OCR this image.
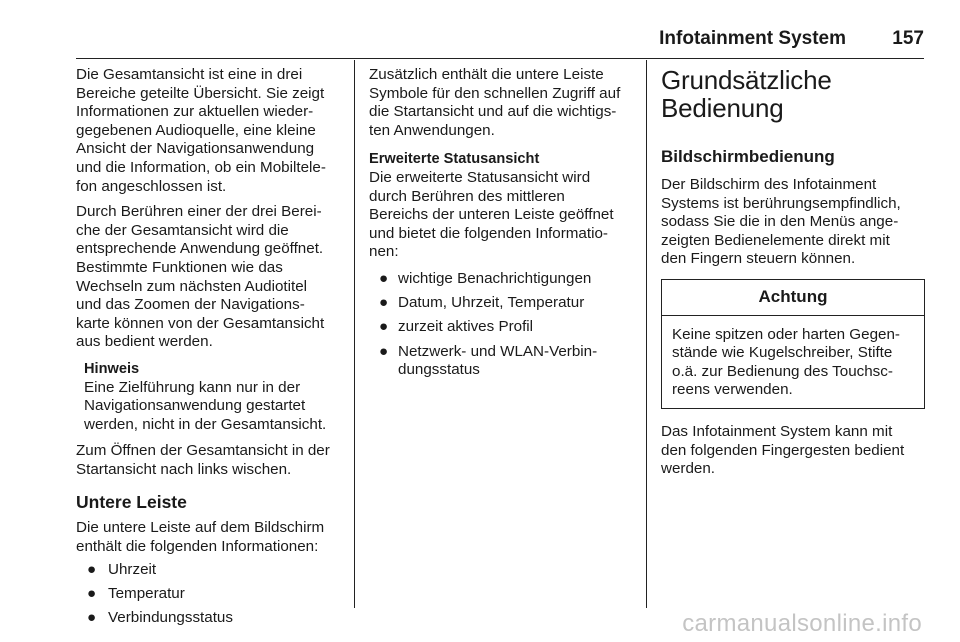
Infotainment System 157

Die Gesamtansicht ist eine in drei
Bereiche geteilte Übersicht. Sie zeigt
Informationen zur aktuellen wieder-
gegebenen Audioquelle, eine kleine
Ansicht der Navigationsanwendung
und die Information, ob ein Mobiltele-
fon angeschlossen ist.

Durch Berühren einer der drei Berei-
che der Gesamtansicht wird die
entsprechende Anwendung geöffnet.
Bestimmte Funktionen wie das
Wechseln zum nächsten Audiotitel
und das Zoomen der Navigations-
karte können von der Gesamtansicht
aus bedient werden.

Hinweis
Eine Zielführung kann nur in der
Navigationsanwendung gestartet
werden, nicht in der Gesamtansicht.

Zum Öffnen der Gesamtansicht in der
Startansicht nach links wischen.

Untere Leiste

Die untere Leiste auf dem Bildschirm
enthält die folgenden Informationen:

● Uhrzeit
● Temperatur
● Verbindungsstatus

Zusätzlich enthält die untere Leiste
Symbole für den schnellen Zugriff auf
die Startansicht und auf die wichtigs-
ten Anwendungen.

Erweiterte Statusansicht

Die erweiterte Statusansicht wird
durch Berühren des mittleren
Bereichs der unteren Leiste geöffnet
und bietet die folgenden Informatio-
nen:

● wichtige Benachrichtigungen
● Datum, Uhrzeit, Temperatur
● zurzeit aktives Profil
● Netzwerk- und WLAN-Verbin-
dungsstatus
Grundsätzliche
Bedienung
Bildschirmbedienung

Der Bildschirm des Infotainment
Systems ist berührungsempfindlich,
sodass Sie die in den Menüs ange-
zeigten Bedienelemente direkt mit
den Fingern steuern können.

Achtung
Keine spitzen oder harten Gegen-
stände wie Kugelschreiber, Stifte
o.ä. zur Bedienung des Touchsc-
reens verwenden.

Das Infotainment System kann mit
den folgenden Fingergesten bedient
werden.

carmanualsonline.info
